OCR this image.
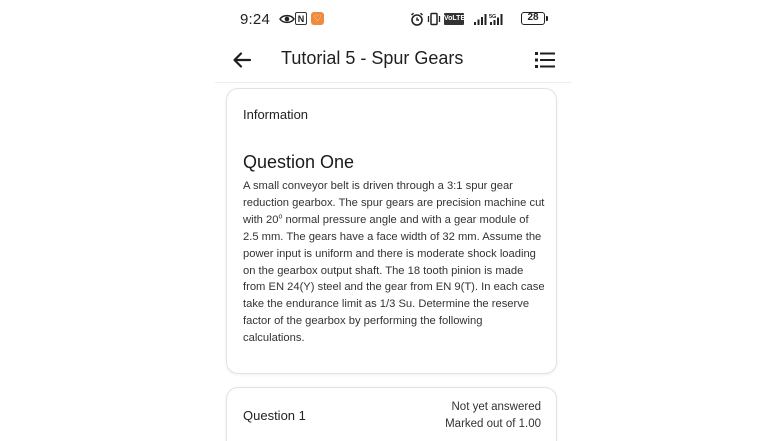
9:24	N	♡	VoLTE	5G	28
Tutorial 5 - Spur Gears
Information
Question One
A small conveyor belt is driven through a 3:1 spur gear reduction gearbox. The spur gears are precision machine cut with 20$^o$ normal pressure angle and with a gear module of 2.5 mm. The gears have a face width of 32 mm. Assume the power input is uniform and there is moderate shock loading on the gearbox output shaft. The 18 tooth pinion is made from EN 24(Y) steel and the gear from EN 9(T). In each case take the endurance limit as 1/3 Su. Determine the reserve factor of the gearbox by performing the following calculations.
Question 1
Not yet answered
Marked out of 1.00
